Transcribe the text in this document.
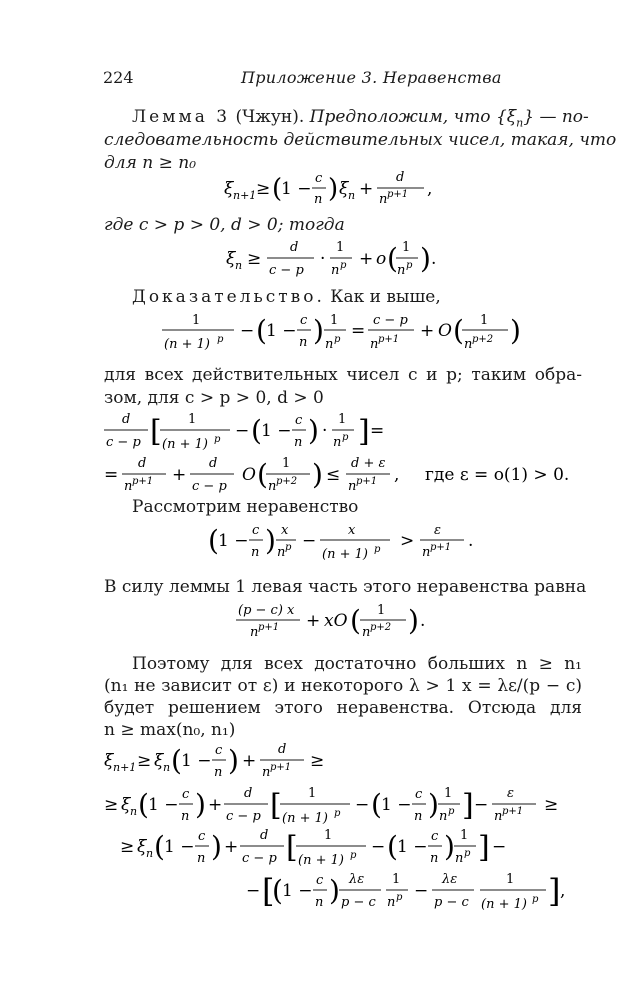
224	Приложение 3. Неравенства
Лемма 3 (Чжун). Предположим, что $\{\xi_n\}$ — по-
следовательность действительных чисел, такая, что
для n ≥ n₀
ξ n+1 ≥ (
1 −
c
n ) ξ n +
d
n p+1 ,
где c > p > 0, d > 0; тогда
ξ n ≥
d
c − p
·
1
n p + o ( 1
n p ) .
Доказательство. Как и выше,
1
(n + 1) p − ( 1 −
c
n ) 1
n p =
c − p
n p+1 + O ( 1
n p+2 )
для всех действительных чисел c и p; таким обра-
зом, для c > p > 0, d > 0
d
c − p [ 1
(n + 1) p − ( 1 −
c
n ) ·
1
n p ] =
=
d
n p+1 +
d
c − p
O ( 1
n p+2 ) ≤
d + ε
n p+1 , где ε = o(1) > 0.
Рассмотрим неравенство
( 1 −
c
n ) x
n p −
x
(n + 1) p >
ε
n p+1 .
В силу леммы 1 левая часть этого неравенства равна
(p − c) x
n p+1 + xO ( 1
n p+2 ) .
Поэтому для всех достаточно больших n ≥ n₁
(n₁ не зависит от ε) и некоторого λ > 1 x = λε/(p − c)
будет решением этого неравенства. Отсюда для
n ≥ max(n₀, n₁)
ξ n+1 ≥ ξ n ( 1 −
c
n ) +
d
n p+1 ≥
≥ ξ n ( 1 −
c
n ) +
d
c − p [ 1
(n + 1) p − ( 1 −
c
n ) 1
n p ] −
ε
n p+1 ≥
≥ ξ n ( 1 −
c
n ) +
d
c − p [ 1
(n + 1) p − ( 1 −
c
n ) 1
n p ] −
− [
( 1 −
c
n ) λε
p − c
1
n p −
λε
p − c
1
(n + 1) p ] ,
